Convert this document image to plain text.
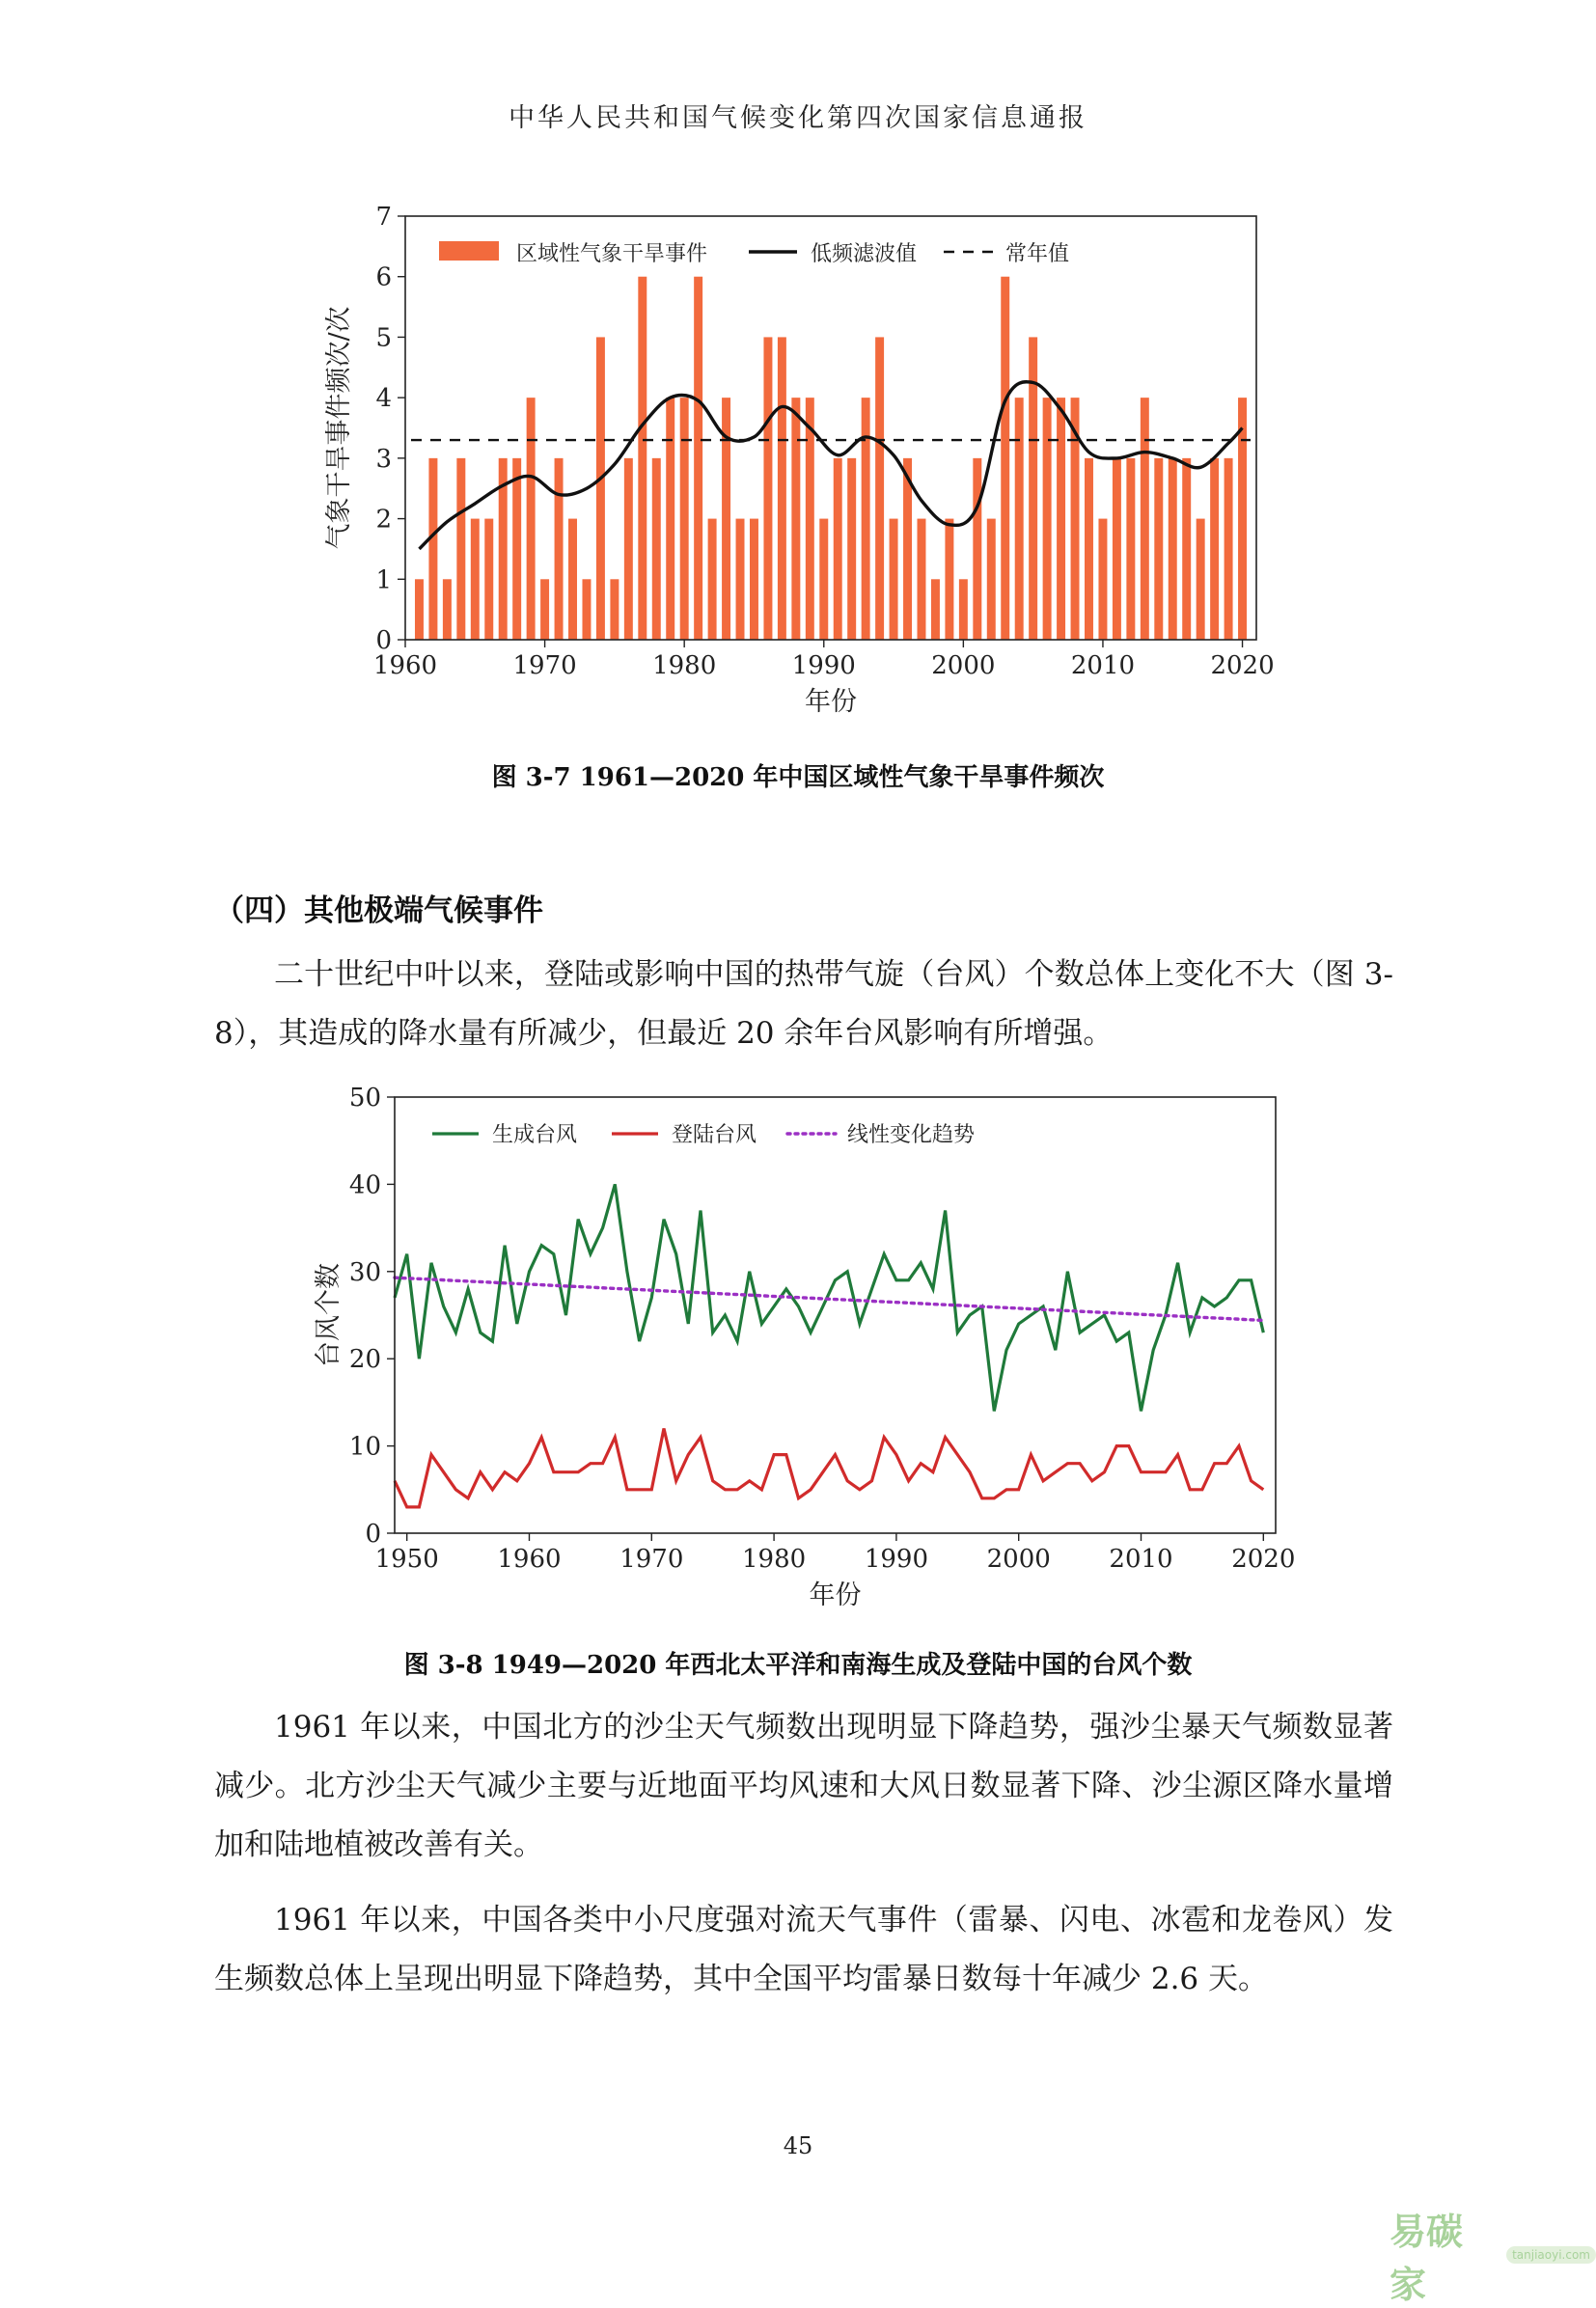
中华人民共和国气候变化第四次国家信息通报
1960	1970	1980	1990	2000	2010	2020
0
1
2
3
4
5
6
7
年份
气象干旱事件频次/次
区域性气象干旱事件	低频滤波值	常年值
1950 1960 1970 1980 1990 2000 2010 2020
0
10
20
30
40
50
年份
台风个数
生成台风	登陆台风	线性变化趋势
图 3-7 1961—2020 年中国区域性气象干旱事件频次
（四）其他极端气候事件

二十世纪中叶以来，登陆或影响中国的热带气旋（台风）个数总体上变化不大（图 3-8），其造成的降水量有所减少，但最近 20 余年台风影响有所增强。

图 3-8 1949—2020 年西北太平洋和南海生成及登陆中国的台风个数

1961 年以来，中国北方的沙尘天气频数出现明显下降趋势，强沙尘暴天气频数显著减少。北方沙尘天气减少主要与近地面平均风速和大风日数显著下降、沙尘源区降水量增加和陆地植被改善有关。

1961 年以来，中国各类中小尺度强对流天气事件（雷暴、闪电、冰雹和龙卷风）发生频数总体上呈现出明显下降趋势，其中全国平均雷暴日数每十年减少 2.6 天。

45
易碳家
tanjiaoyi.com
